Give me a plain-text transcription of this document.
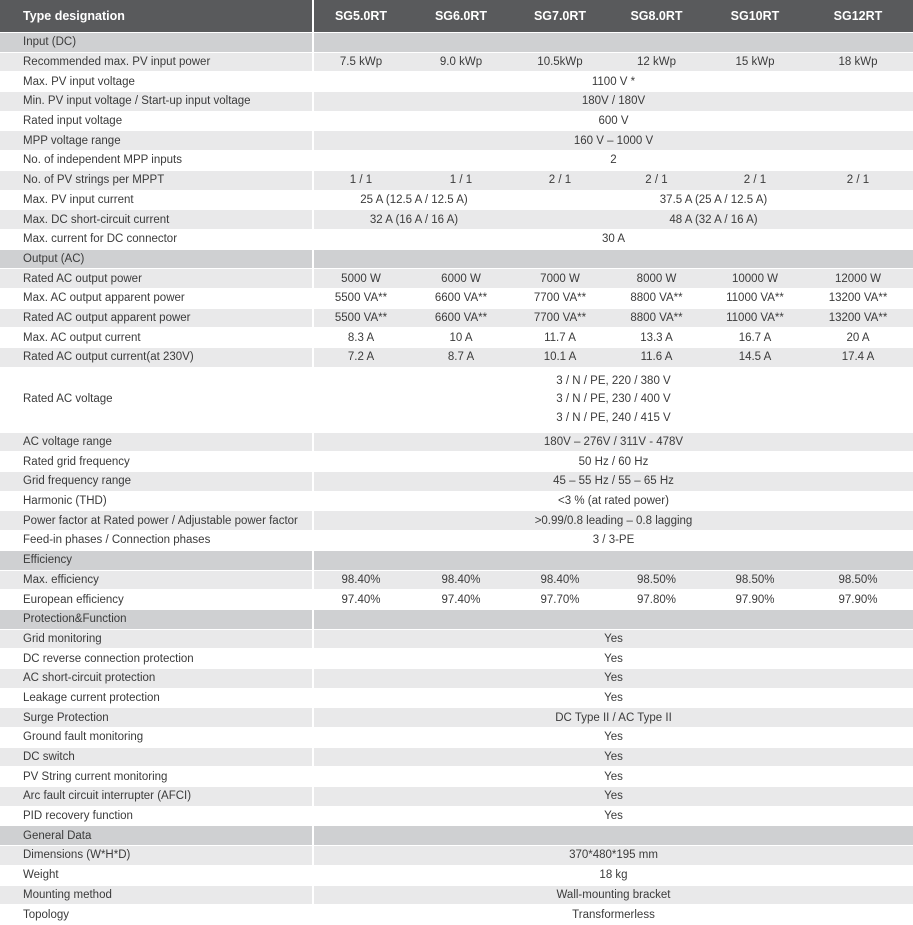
Type designation	SG5.0RT	SG6.0RT	SG7.0RT	SG8.0RT	SG10RT	SG12RT
Input (DC)						
Recommended max. PV input power	7.5 kWp	9.0 kWp	10.5kWp	12 kWp	15 kWp	18 kWp
Max. PV input voltage	1100 V *					
Min. PV input voltage / Start-up input voltage	180V / 180V					
Rated input voltage	600 V					
MPP voltage range	160 V – 1000 V					
No. of independent MPP inputs	2					
No. of PV strings per MPPT	1 / 1	1 / 1	2 / 1	2 / 1	2 / 1	2 / 1
Max. PV input current	25 A (12.5 A / 12.5 A)		37.5 A (25 A / 12.5 A)			
Max. DC short-circuit current	32 A (16 A / 16 A)		48 A (32 A / 16 A)			
Max. current for DC connector	30 A					
Output (AC)						
Rated AC output power	5000 W	6000 W	7000 W	8000 W	10000 W	12000 W
Max. AC output apparent power	5500 VA**	6600 VA**	7700 VA**	8800 VA**	11000 VA**	13200 VA**
Rated AC output apparent power	5500 VA**	6600 VA**	7700 VA**	8800 VA**	11000 VA**	13200 VA**
Max. AC output current	8.3 A	10 A	11.7 A	13.3 A	16.7 A	20 A
Rated AC output current(at 230V)	7.2 A	8.7 A	10.1 A	11.6 A	14.5 A	17.4 A
Rated AC voltage	3 / N / PE, 220 / 380 V
3 / N / PE, 230 / 400 V
3 / N / PE, 240 / 415 V					

AC voltage range	180V – 276V / 311V - 478V					
Rated grid frequency	50 Hz / 60 Hz					
Grid frequency range	45 – 55 Hz / 55 – 65 Hz					
Harmonic (THD)	<3 % (at rated power)					
Power factor at Rated power / Adjustable power factor	>0.99/0.8 leading – 0.8 lagging					
Feed-in phases / Connection phases	3 / 3-PE					
Efficiency						
Max. efficiency	98.40%	98.40%	98.40%	98.50%	98.50%	98.50%
European efficiency	97.40%	97.40%	97.70%	97.80%	97.90%	97.90%
Protection&Function						
Grid monitoring	Yes					
DC reverse connection protection	Yes					
AC short-circuit protection	Yes					
Leakage current protection	Yes					
Surge Protection	DC Type II / AC Type II					
Ground fault monitoring	Yes					
DC switch	Yes					
PV String current monitoring	Yes					
Arc fault circuit interrupter (AFCI)	Yes					
PID recovery function	Yes					
General Data						
Dimensions (W*H*D)	370*480*195 mm					
Weight	18 kg					
Mounting method	Wall-mounting bracket					
Topology	Transformerless					
